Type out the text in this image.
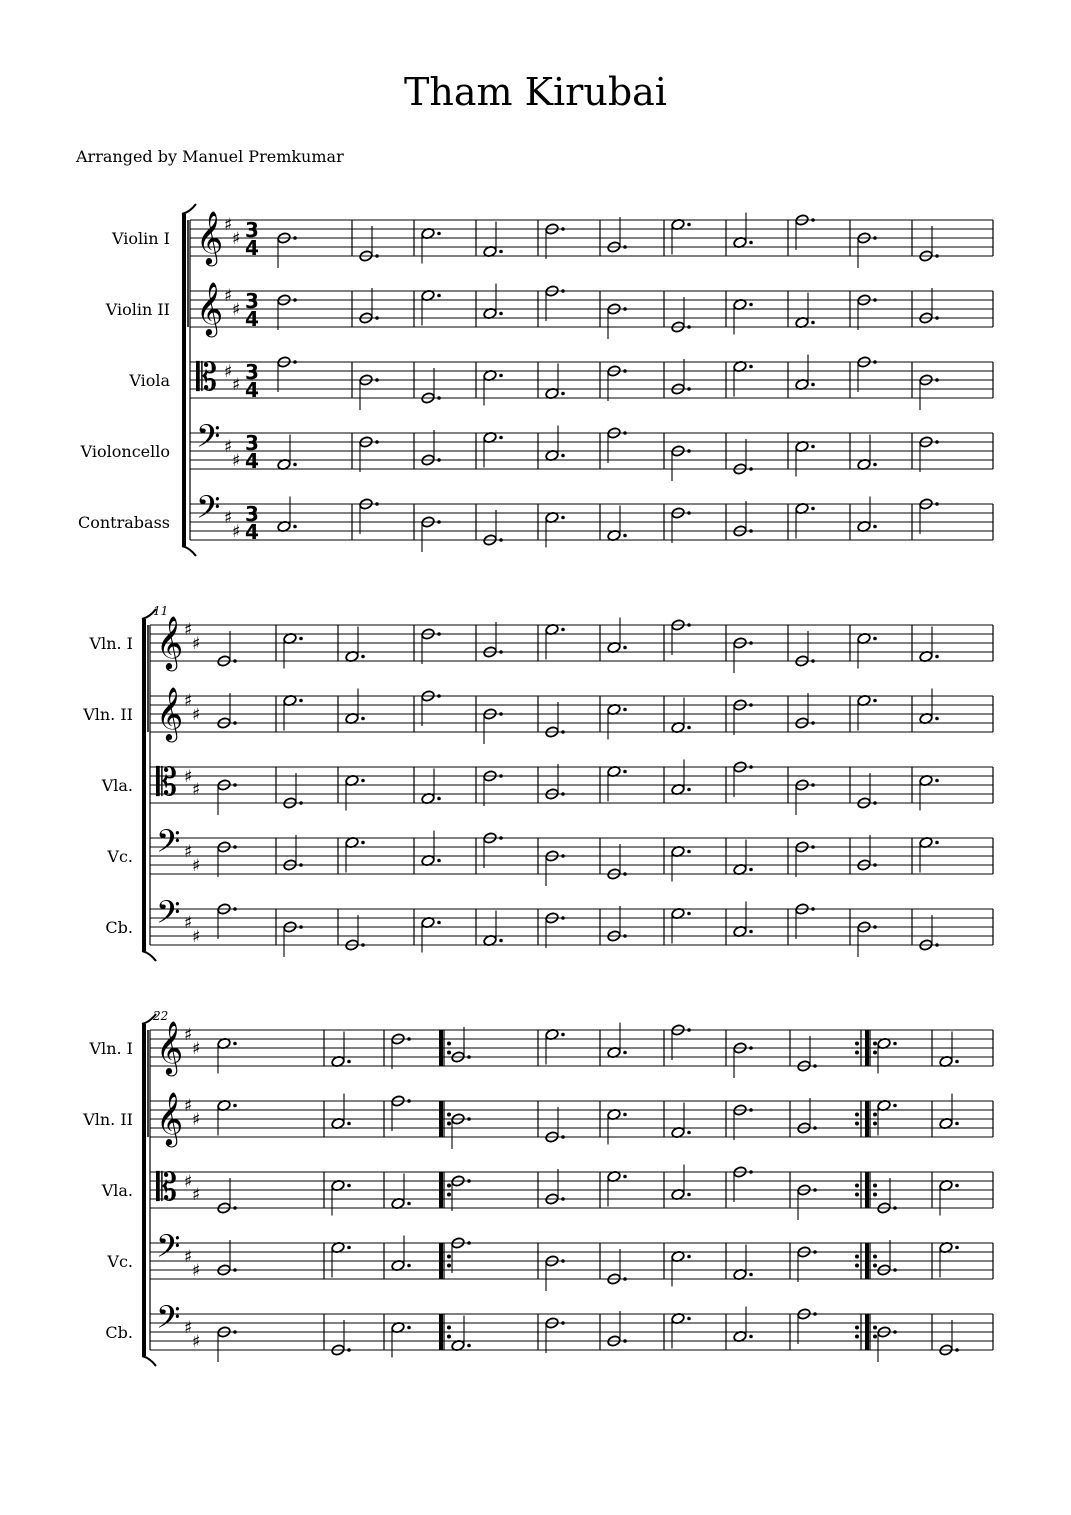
Tham Kirubai
Arranged by Manuel Premkumar
Violin I 𝄞 ♯
♯ 3
4
Violin II 𝄞 ♯
♯ 3
4
Viola 𝄡 ♯
♯
3
4
Violoncello 𝄢 ♯
♯
3
4
Contrabass 𝄢 ♯
♯
3
4
11
Vln. I 𝄞 ♯
♯
Vln. II 𝄞 ♯
♯
Vla. 𝄡 ♯
♯
Vc. 𝄢 ♯
♯
Cb. 𝄢 ♯
♯
22
Vln. I 𝄞 ♯
♯
Vln. II 𝄞 ♯
♯
Vla. 𝄡 ♯
♯
Vc. 𝄢 ♯
♯
Cb. 𝄢 ♯
♯
